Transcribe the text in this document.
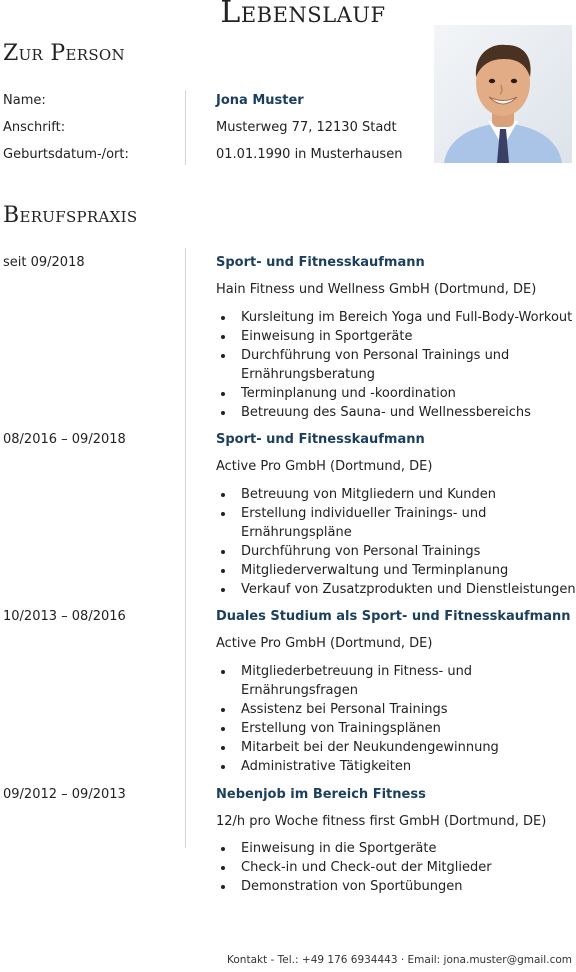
Lebenslauf
Zur Person
Name:	Jona Muster
Anschrift:	Musterweg 77, 12130 Stadt
Geburtsdatum-/ort:	01.01.1990 in Musterhausen
Berufspraxis
seit 09/2018	Sport- und Fitnesskaufmann
Hain Fitness und Wellness GmbH (Dortmund, DE)
Kursleitung im Bereich Yoga und Full-Body-Workout
Einweisung in Sportgeräte
Durchführung von Personal Trainings und Ernährungsberatung
Terminplanung und -koordination
Betreuung des Sauna- und Wellnessbereichs
08/2016 – 09/2018	Sport- und Fitnesskaufmann
Active Pro GmbH (Dortmund, DE)
Betreuung von Mitgliedern und Kunden
Erstellung individueller Trainings- und Ernährungspläne
Durchführung von Personal Trainings
Mitgliederverwaltung und Terminplanung
Verkauf von Zusatzprodukten und Dienstleistungen
10/2013 – 08/2016	Duales Studium als Sport- und Fitnesskaufmann
Active Pro GmbH (Dortmund, DE)
Mitgliederbetreuung in Fitness- und Ernährungsfragen
Assistenz bei Personal Trainings
Erstellung von Trainingsplänen
Mitarbeit bei der Neukundengewinnung
Administrative Tätigkeiten
09/2012 – 09/2013	Nebenjob im Bereich Fitness
12/h pro Woche fitness first GmbH (Dortmund, DE)
Einweisung in die Sportgeräte
Check-in und Check-out der Mitglieder
Demonstration von Sportübungen
Kontakt - Tel.: +49 176 6934443 · Email: jona.muster@gmail.com
